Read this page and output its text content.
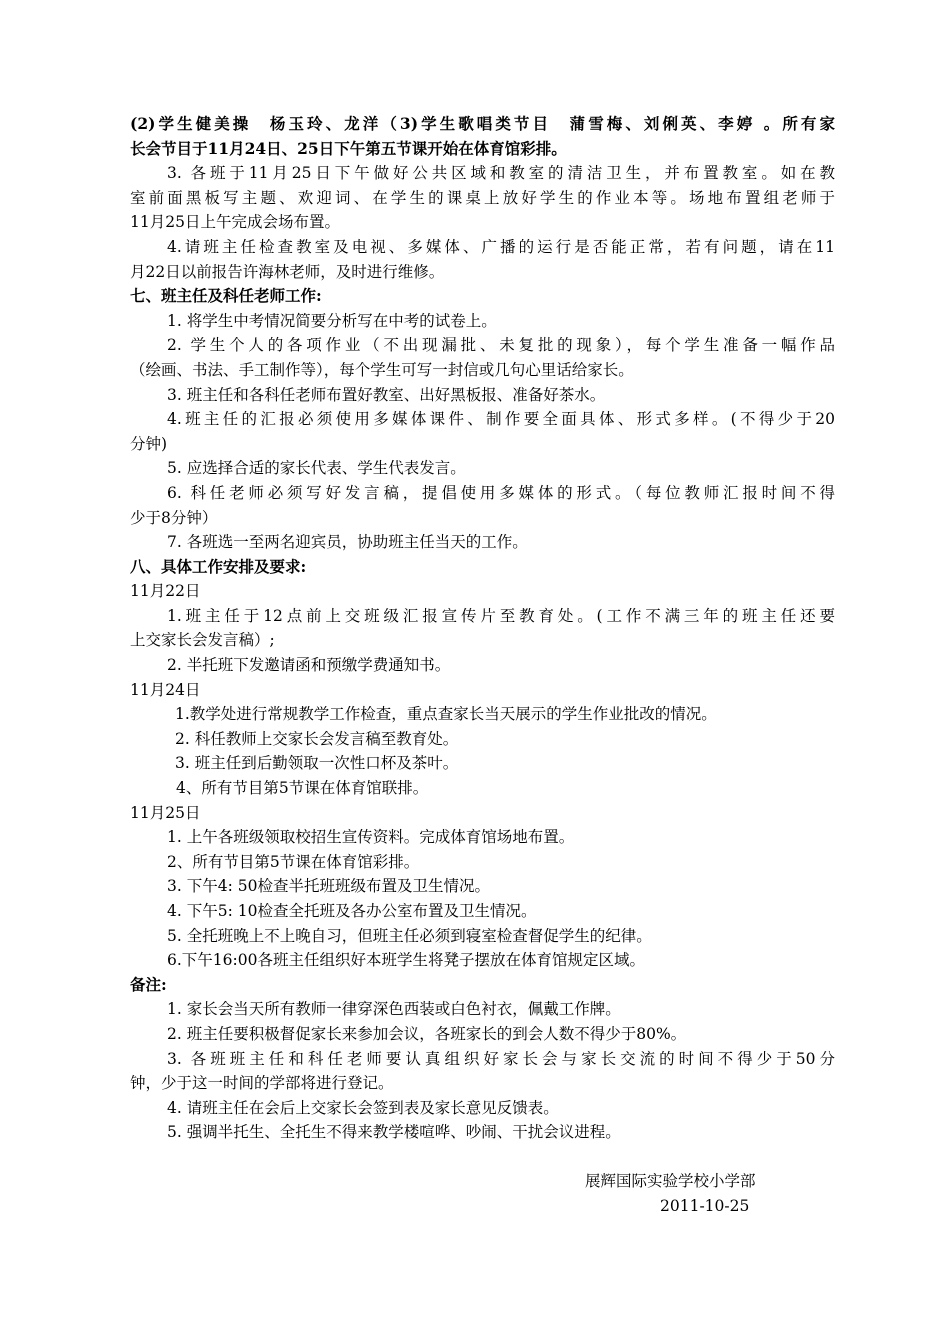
(2)学生健美操　杨玉玲、龙洋（3)学生歌唱类节目　蒲雪梅、刘俐英、李婷 。所有家
长会节目于11月24日、25日下午第五节课开始在体育馆彩排。
3. 各班于11月25日下午做好公共区域和教室的清洁卫生，并布置教室。如在教
室前面黑板写主题、欢迎词、在学生的课桌上放好学生的作业本等。场地布置组老师于
11月25日上午完成会场布置。
4.请班主任检查教室及电视、多媒体、广播的运行是否能正常，若有问题，请在11
月22日以前报告许海林老师，及时进行维修。
七、班主任及科任老师工作:
1. 将学生中考情况简要分析写在中考的试卷上。
2. 学生个人的各项作业（不出现漏批、未复批的现象），每个学生准备一幅作品
（绘画、书法、手工制作等），每个学生可写一封信或几句心里话给家长。
3. 班主任和各科任老师布置好教室、出好黑板报、准备好茶水。
4.班主任的汇报必须使用多媒体课件、制作要全面具体、形式多样。(不得少于20
分钟)
5. 应选择合适的家长代表、学生代表发言。
6. 科任老师必须写好发言稿，提倡使用多媒体的形式。（每位教师汇报时间不得
少于8分钟）
7. 各班选一至两名迎宾员，协助班主任当天的工作。
八、具体工作安排及要求:
11月22日
1.班主任于12点前上交班级汇报宣传片至教育处。(工作不满三年的班主任还要
上交家长会发言稿）;
2. 半托班下发邀请函和预缴学费通知书。
11月24日
1.教学处进行常规教学工作检查，重点查家长当天展示的学生作业批改的情况。
2. 科任教师上交家长会发言稿至教育处。
3. 班主任到后勤领取一次性口杯及茶叶。
4、所有节目第5节课在体育馆联排。
11月25日
1. 上午各班级领取校招生宣传资料。完成体育馆场地布置。
2、所有节目第5节课在体育馆彩排。
3. 下午4: 50检查半托班班级布置及卫生情况。
4. 下午5: 10检查全托班及各办公室布置及卫生情况。
5. 全托班晚上不上晚自习，但班主任必须到寝室检查督促学生的纪律。
6.下午16:00各班主任组织好本班学生将凳子摆放在体育馆规定区域。
备注:
1. 家长会当天所有教师一律穿深色西装或白色衬衣，佩戴工作牌。
2. 班主任要积极督促家长来参加会议，各班家长的到会人数不得少于80%。
3. 各班班主任和科任老师要认真组织好家长会与家长交流的时间不得少于50分
钟，少于这一时间的学部将进行登记。
4. 请班主任在会后上交家长会签到表及家长意见反馈表。
5. 强调半托生、全托生不得来教学楼喧哗、吵闹、干扰会议进程。
展辉国际实验学校小学部
2011-10-25
